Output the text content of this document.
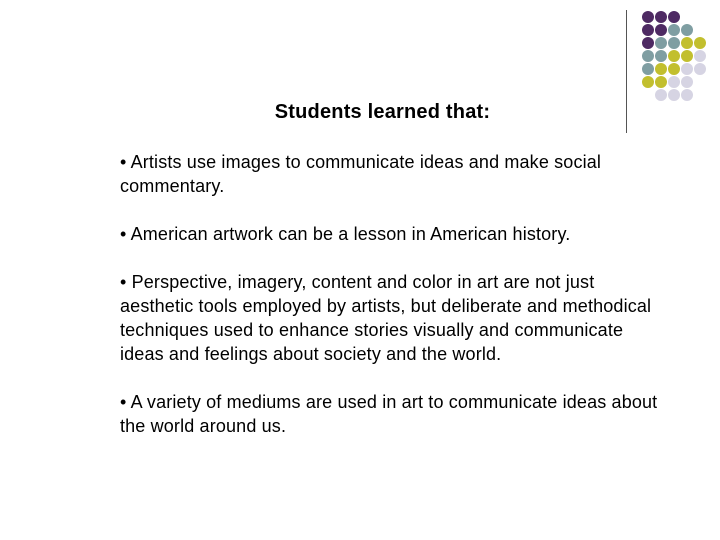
Students learned that:

• Artists use images to communicate ideas and make social commentary.

• American artwork can be a lesson in American history.

• Perspective, imagery, content and color in art are not just aesthetic tools employed by artists, but deliberate and methodical techniques used to enhance stories visually and communicate ideas and feelings about society and the world.

• A variety of mediums are used in art to communicate ideas about the world around us.
